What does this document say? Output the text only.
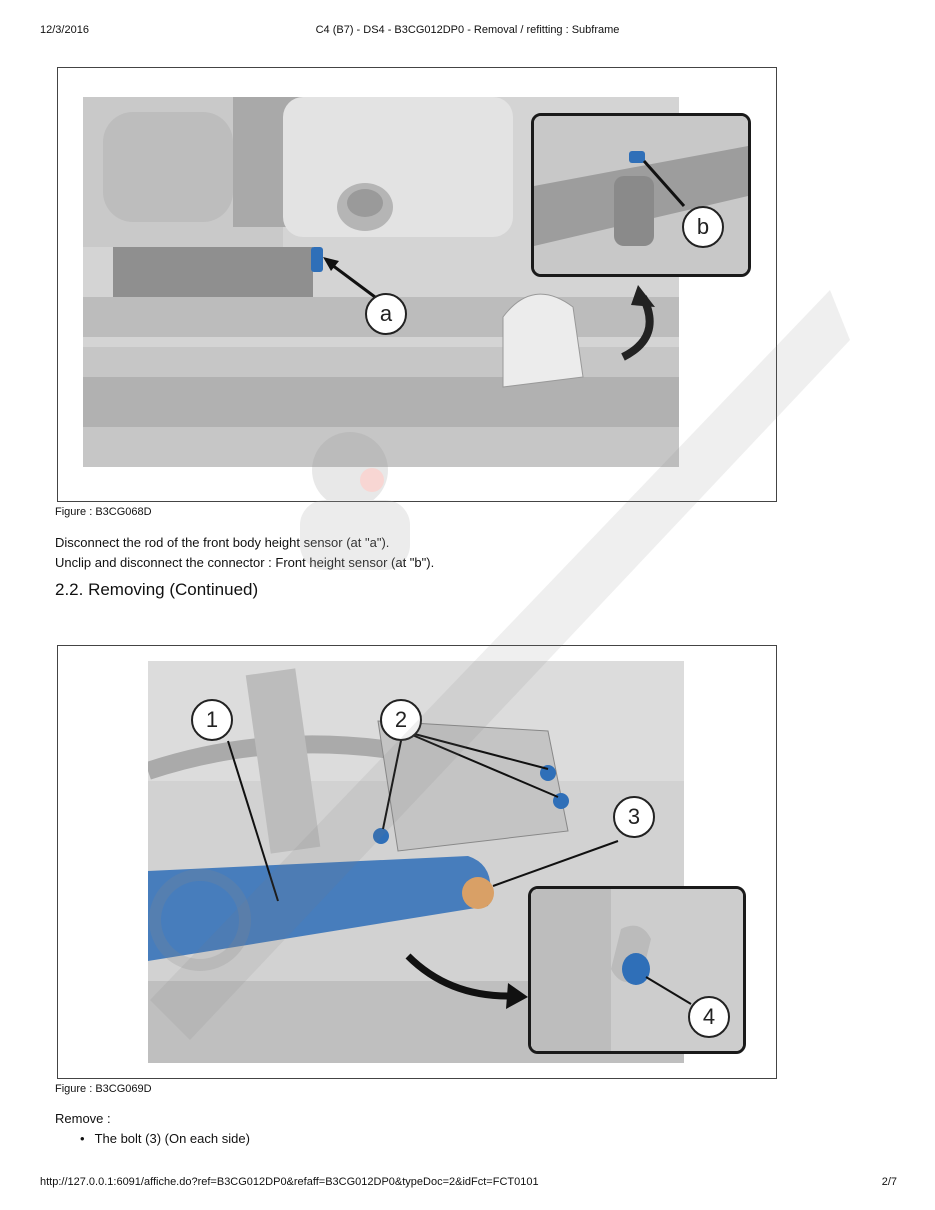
12/3/2016	C4 (B7) - DS4 - B3CG012DP0 - Removal / refitting : Subframe
a
b
Figure : B3CG068D
Disconnect the rod of the front body height sensor (at "a").
Unclip and disconnect the connector : Front height sensor (at "b").
2.2. Removing (Continued)
1	2
3
4
Figure : B3CG069D
Remove :
• The bolt (3) (On each side)
http://127.0.0.1:6091/affiche.do?ref=B3CG012DP0&refaff=B3CG012DP0&typeDoc=2&idFct=FCT0101	2/7
